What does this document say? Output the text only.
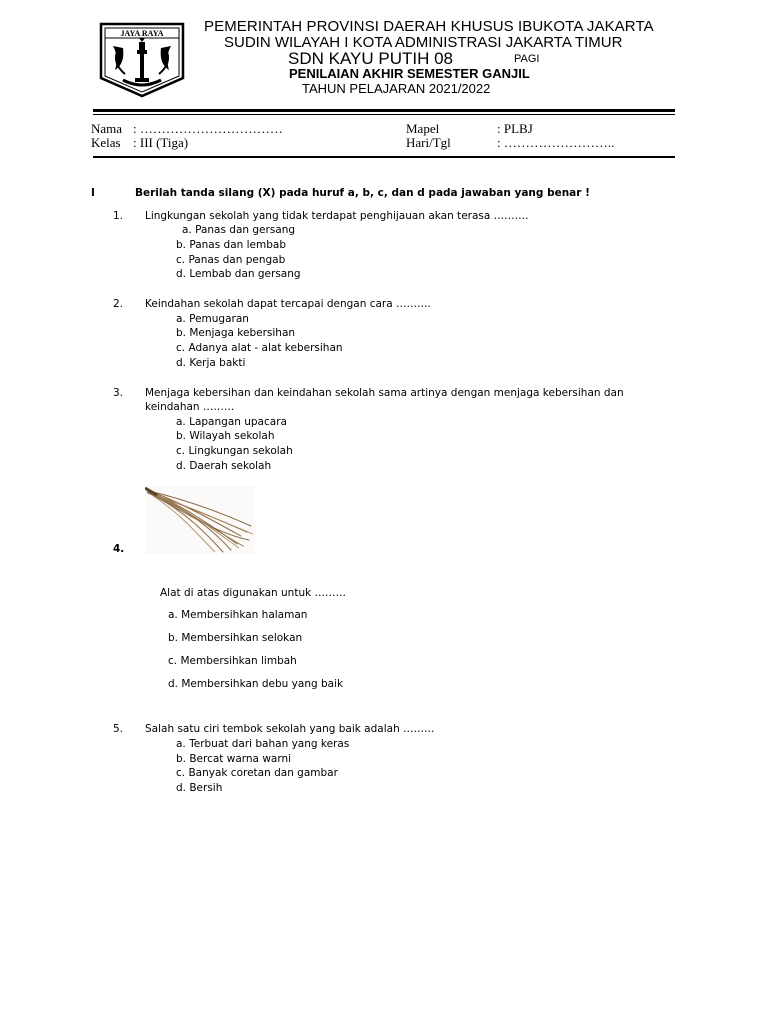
JAYA RAYA	PEMERINTAH PROVINSI DAERAH KHUSUS IBUKOTA JAKARTA
SUDIN WILAYAH I KOTA ADMINISTRASI JAKARTA TIMUR
SDN KAYU PUTIH 08	PAGI
PENILAIAN AKHIR SEMESTER GANJIL
TAHUN PELAJARAN 2021/2022
Nama : ……………………………
Kelas : III (Tiga)
Mapel	: PLBJ
Hari/Tgl	: ……………………..
I	Berilah tanda silang (X) pada huruf a, b, c, dan d pada jawaban yang benar !
1. Lingkungan sekolah yang tidak terdapat penghijauan akan terasa ……….
a. Panas dan gersang
b. Panas dan lembab
c. Panas dan pengab
d. Lembab dan gersang
2. Keindahan sekolah dapat tercapai dengan cara ……….
a. Pemugaran
b. Menjaga kebersihan
c. Adanya alat - alat kebersihan
d. Kerja bakti
3. Menjaga kebersihan dan keindahan sekolah sama artinya dengan menjaga kebersihan dan
keindahan ………
a. Lapangan upacara
b. Wilayah sekolah
c. Lingkungan sekolah
d. Daerah sekolah
4.
Alat di atas digunakan untuk ………
a. Membersihkan halaman
b. Membersihkan selokan
c. Membersihkan limbah
d. Membersihkan debu yang baik
5. Salah satu ciri tembok sekolah yang baik adalah ………
a. Terbuat dari bahan yang keras
b. Bercat warna warni
c. Banyak coretan dan gambar
d. Bersih
